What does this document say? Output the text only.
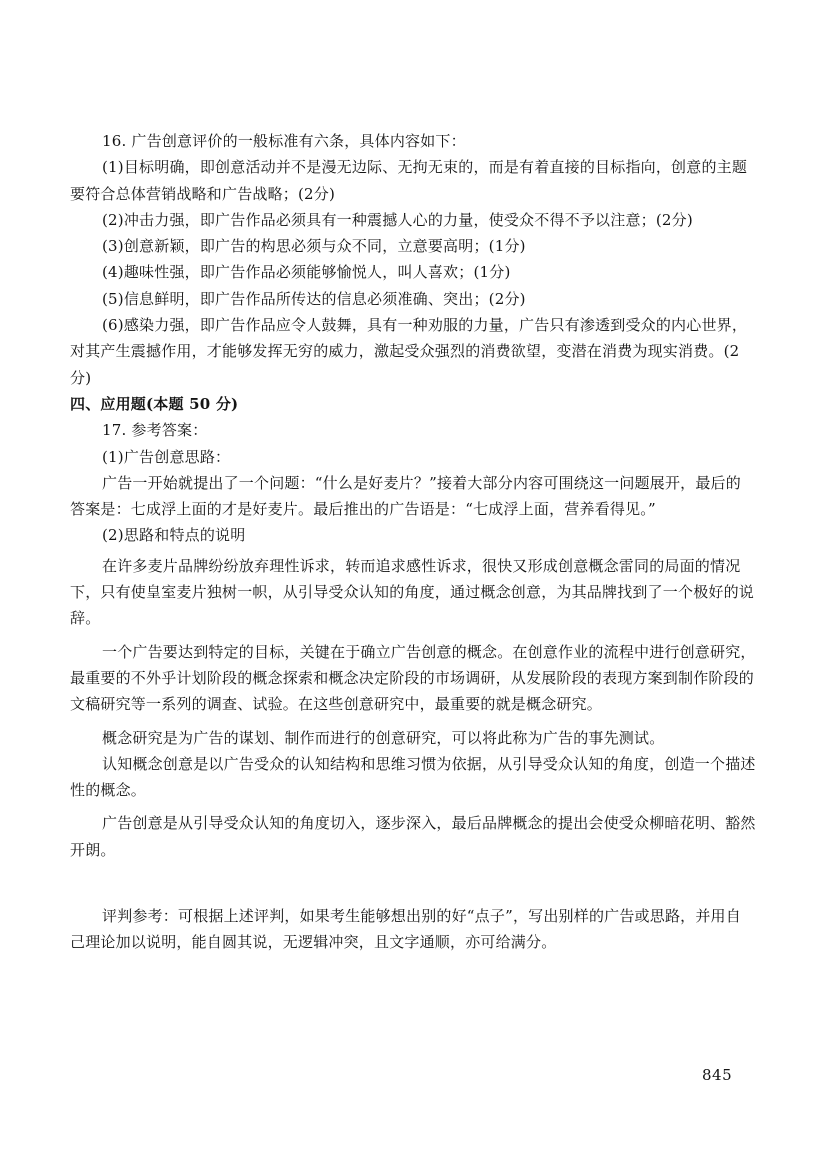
16. 广告创意评价的一般标准有六条，具体内容如下：

(1)目标明确，即创意活动并不是漫无边际、无拘无束的，而是有着直接的目标指向，创意的主题要符合总体营销战略和广告战略；(2分)

(2)冲击力强，即广告作品必须具有一种震撼人心的力量，使受众不得不予以注意；(2分)

(3)创意新颖，即广告的构思必须与众不同，立意要高明；(1分)

(4)趣味性强，即广告作品必须能够愉悦人，叫人喜欢；(1分)

(5)信息鲜明，即广告作品所传达的信息必须准确、突出；(2分)

(6)感染力强，即广告作品应令人鼓舞，具有一种劝服的力量，广告只有渗透到受众的内心世界，对其产生震撼作用，才能够发挥无穷的威力，激起受众强烈的消费欲望，变潜在消费为现实消费。(2分)

四、应用题(本题 50 分)

17. 参考答案：

(1)广告创意思路：

广告一开始就提出了一个问题：“什么是好麦片？”接着大部分内容可围绕这一问题展开，最后的答案是：七成浮上面的才是好麦片。最后推出的广告语是：“七成浮上面，营养看得见。”

(2)思路和特点的说明

在许多麦片品牌纷纷放弃理性诉求，转而追求感性诉求，很快又形成创意概念雷同的局面的情况下，只有使皇室麦片独树一帜，从引导受众认知的角度，通过概念创意，为其品牌找到了一个极好的说辞。

一个广告要达到特定的目标，关键在于确立广告创意的概念。在创意作业的流程中进行创意研究，最重要的不外乎计划阶段的概念探索和概念决定阶段的市场调研，从发展阶段的表现方案到制作阶段的文稿研究等一系列的调查、试验。在这些创意研究中，最重要的就是概念研究。

概念研究是为广告的谋划、制作而进行的创意研究，可以将此称为广告的事先测试。

认知概念创意是以广告受众的认知结构和思维习惯为依据，从引导受众认知的角度，创造一个描述性的概念。

广告创意是从引导受众认知的角度切入，逐步深入，最后品牌概念的提出会使受众柳暗花明、豁然开朗。

评判参考：可根据上述评判，如果考生能够想出别的好“点子”，写出别样的广告或思路，并用自己理论加以说明，能自圆其说，无逻辑冲突，且文字通顺，亦可给满分。

845
